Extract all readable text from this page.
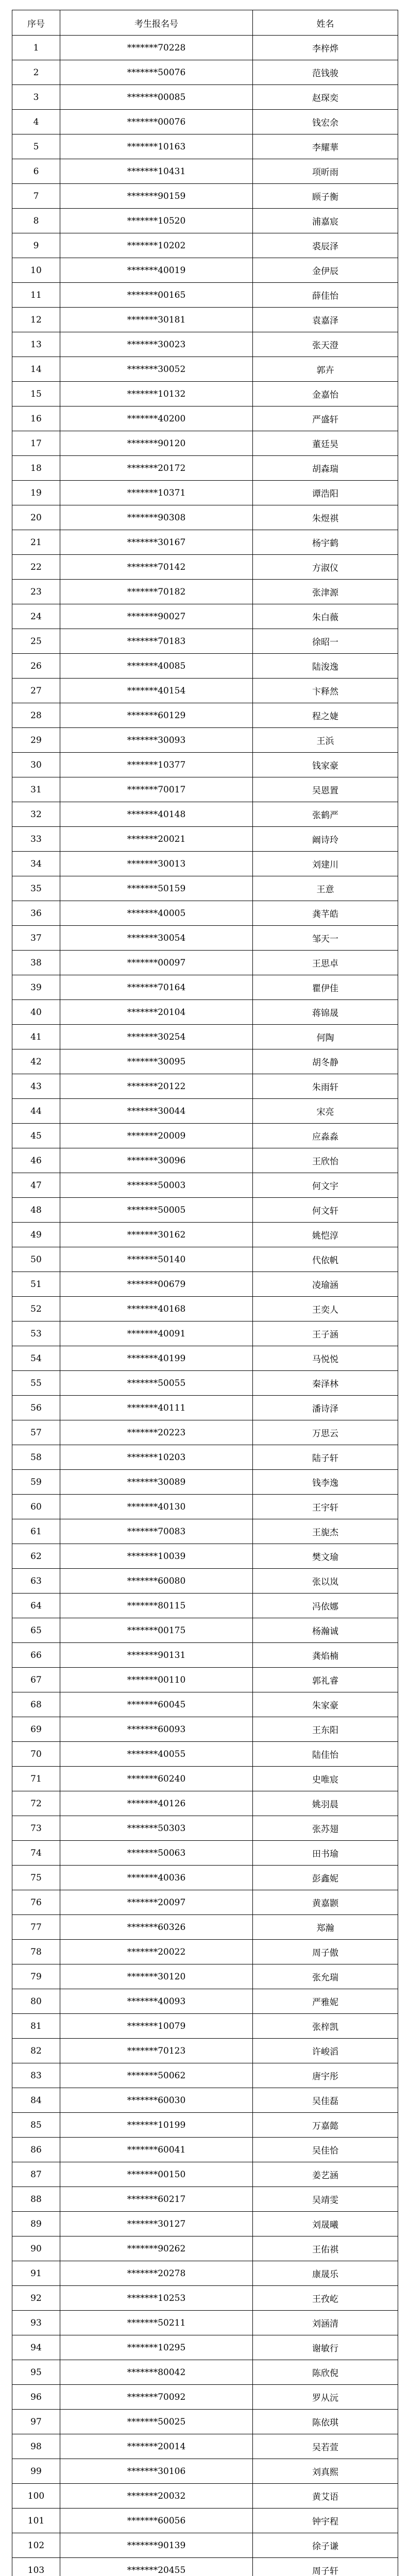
序号	考生报名号	姓名
1	*******70228	李梓烨
2	*******50076	范钱骏
3	*******00085	赵琛奕
4	*******00076	钱宏余
5	*******10163	李耀華
6	*******10431	项昕雨
7	*******90159	顾子衡
8	*******10520	浦嘉宸
9	*******10202	裘辰泽
10	*******40019	金伊辰
11	*******00165	薛佳怡
12	*******30181	袁嘉泽
13	*******30023	张天澄
14	*******30052	郭卉
15	*******10132	金嘉怡
16	*******40200	严盛轩
17	*******90120	董廷昊
18	*******20172	胡森瑞
19	*******10371	谭浩阳
20	*******90308	朱煜祺
21	*******30167	杨宇鹤
22	*******70142	方淑仪
23	*******70182	张津源
24	*******90027	朱白薇
25	*******70183	徐昭一
26	*******40085	陆浚逸
27	*******40154	卞释然
28	*******60129	程之婕
29	*******30093	王浜
30	*******10377	钱家豪
31	*******70017	吴恩置
32	*******40148	张鹤严
33	*******20021	阚诗玲
34	*******30013	刘建川
35	*******50159	王意
36	*******40005	龚芊皓
37	*******30054	邹天一
38	*******00097	王思卓
39	*******70164	瞿伊佳
40	*******20104	蒋锦晟
41	*******30254	何陶
42	*******30095	胡冬静
43	*******20122	朱雨轩
44	*******30044	宋亮
45	*******20009	应淼淼
46	*******30096	王欣怡
47	*******50003	何文宇
48	*******50005	何文轩
49	*******30162	姚恺淳
50	*******50140	代依帆
51	*******00679	凌瑜涵
52	*******40168	王奕人
53	*******40091	王子涵
54	*******40199	马悦悦
55	*******50055	秦泽林
56	*******40111	潘诗泽
57	*******20223	万思云
58	*******10203	陆子轩
59	*******30089	钱李逸
60	*******40130	王宇轩
61	*******70083	王旎杰
62	*******10039	樊文瑜
63	*******60080	张以岚
64	*******80115	冯依娜
65	*******00175	杨瀚诚
66	*******90131	龚焰楠
67	*******00110	郭礼睿
68	*******60045	朱家豪
69	*******60093	王东阳
70	*******40055	陆佳怡
71	*******60240	史唯宸
72	*******40126	姚羽晨
73	*******50303	张苏翅
74	*******50063	田书瑜
75	*******40036	彭鑫妮
76	*******20097	黄嘉颢
77	*******60326	郑瀚
78	*******20022	周子傲
79	*******30120	张允瑞
80	*******40093	严雅妮
81	*******10079	张梓凯
82	*******70123	许峻滔
83	*******50062	唐宇彤
84	*******60030	吴佳磊
85	*******10199	万嘉懿
86	*******60041	吴佳恰
87	*******00150	姜艺涵
88	*******60217	吴靖雯
89	*******30127	刘晟曦
90	*******90262	王佑祺
91	*******20278	康晟乐
92	*******10253	王孜屹
93	*******50211	刘涵清
94	*******10295	谢敏行
95	*******80042	陈欣倪
96	*******70092	罗从沅
97	*******50025	陈依琪
98	*******20014	吴若萱
99	*******30106	刘真熙
100	*******20032	黄艾语
101	*******60056	钟宇程
102	*******90139	徐子谦
103	*******20455	周子轩
